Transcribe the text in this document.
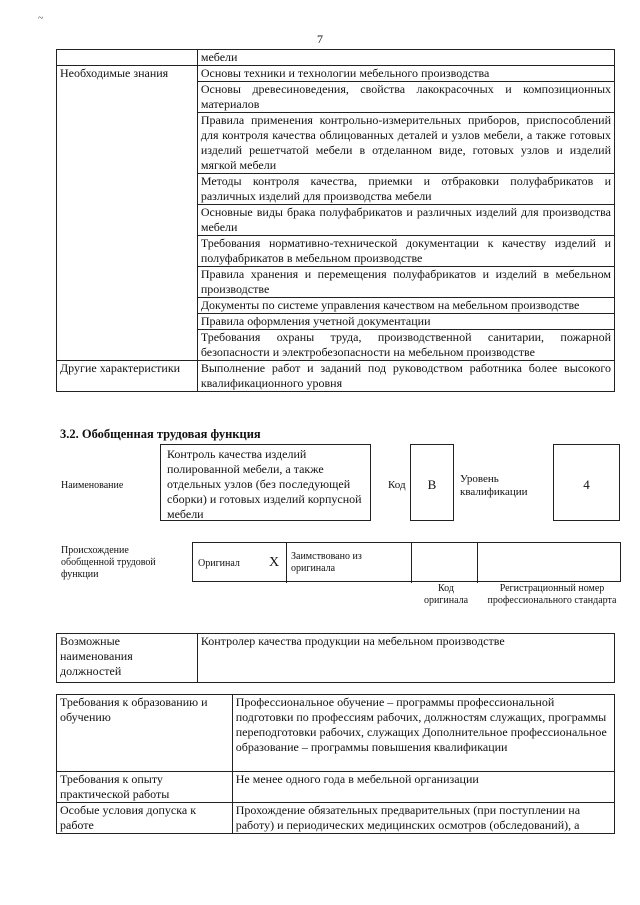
~
7
	мебели
Необходимые знания	Основы техники и технологии мебельного производства
	Основы древесиноведения, свойства лакокрасочных и композиционных материалов
	Правила применения контрольно-измерительных приборов, приспособлений для контроля качества облицованных деталей и узлов мебели, а также готовых изделий решетчатой мебели в отделанном виде, готовых узлов и изделий мягкой мебели
	Методы контроля качества, приемки и отбраковки полуфабрикатов и различных изделий для производства мебели
	Основные виды брака полуфабрикатов и различных изделий для производства мебели
	Требования нормативно-технической документации к качеству изделий и полуфабрикатов в мебельном производстве
	Правила хранения и перемещения полуфабрикатов и изделий в мебельном производстве
	Документы по системе управления качеством на мебельном производстве
	Правила оформления учетной документации
	Требования охраны труда, производственной санитарии, пожарной безопасности и электробезопасности на мебельном производстве
Другие характеристики	Выполнение работ и заданий под руководством работника более высокого квалификационного уровня
3.2. Обобщенная трудовая функция
Наименование
Контроль качества изделий полированной мебели, а также отдельных узлов (без последующей сборки) и готовых изделий корпусной мебели
Код	В	Уровень квалификации	4
Происхождение обобщенной трудовой функции
Оригинал X Заимствовано из оригинала
Код оригинала
Регистрационный номер профессионального стандарта
Возможные наименования должностей	Контролер качества продукции на мебельном производстве
Требования к образованию и обучению	Профессиональное обучение – программы профессиональной подготовки по профессиям рабочих, должностям служащих, программы переподготовки рабочих, служащих Дополнительное профессиональное образование – программы повышения квалификации
Требования к опыту практической работы	Не менее одного года в мебельной организации
Особые условия допуска к работе	Прохождение обязательных предварительных (при поступлении на работу) и периодических медицинских осмотров (обследований), а
